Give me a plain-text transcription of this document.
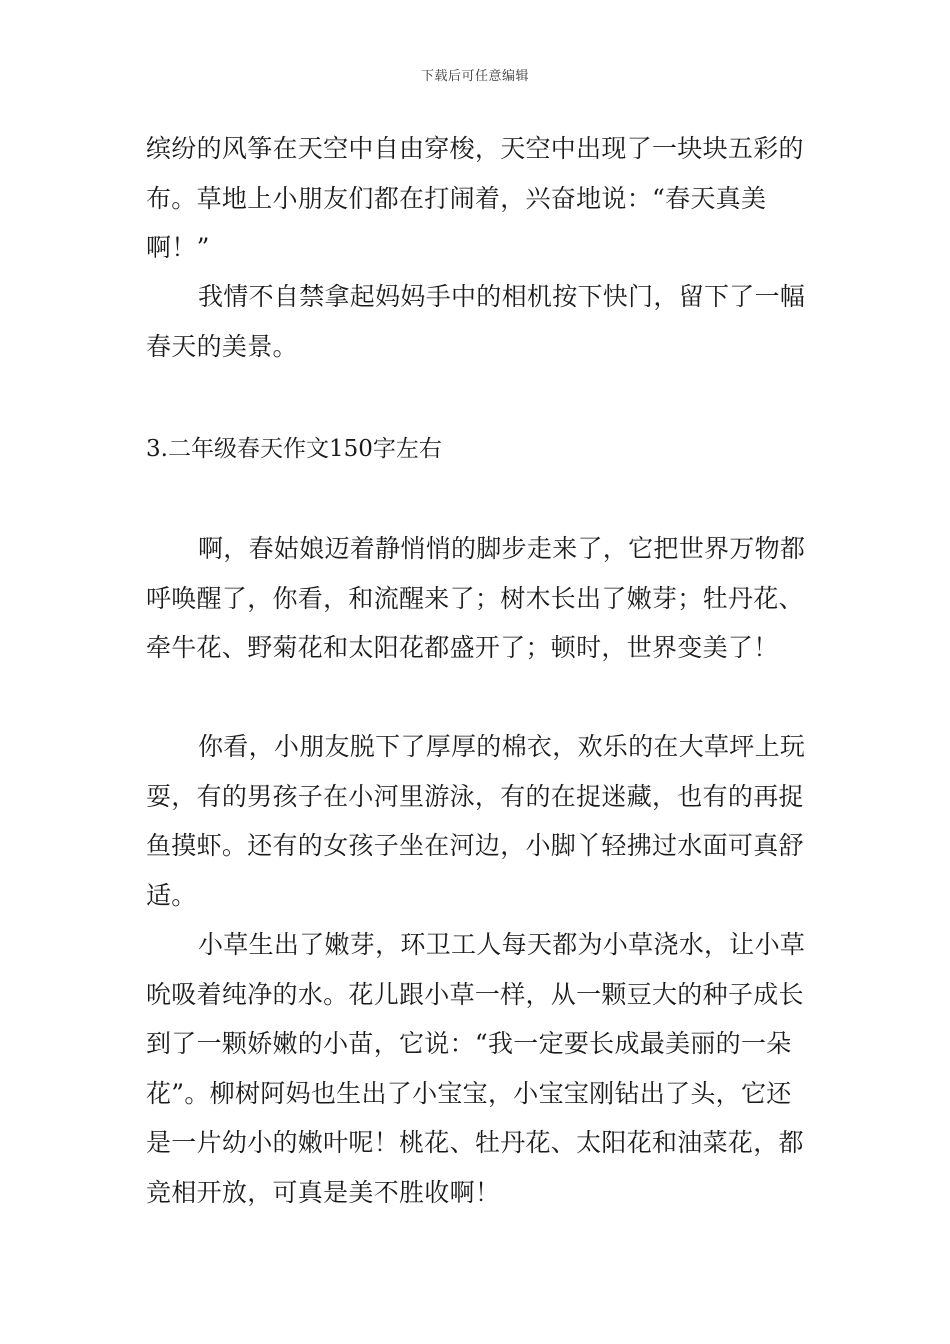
下载后可任意编辑

缤纷的风筝在天空中自由穿梭，天空中出现了一块块五彩的布。草地上小朋友们都在打闹着，兴奋地说：“春天真美啊！”

我情不自禁拿起妈妈手中的相机按下快门，留下了一幅春天的美景。

3.二年级春天作文150字左右

啊，春姑娘迈着静悄悄的脚步走来了，它把世界万物都呼唤醒了，你看，和流醒来了；树木长出了嫩芽；牡丹花、牵牛花、野菊花和太阳花都盛开了；顿时，世界变美了！

你看，小朋友脱下了厚厚的棉衣，欢乐的在大草坪上玩耍，有的男孩子在小河里游泳，有的在捉迷藏，也有的再捉鱼摸虾。还有的女孩子坐在河边，小脚丫轻拂过水面可真舒适。

小草生出了嫩芽，环卫工人每天都为小草浇水，让小草吮吸着纯净的水。花儿跟小草一样，从一颗豆大的种子成长到了一颗娇嫩的小苗，它说：“我一定要长成最美丽的一朵花”。柳树阿妈也生出了小宝宝，小宝宝刚钻出了头，它还是一片幼小的嫩叶呢！桃花、牡丹花、太阳花和油菜花，都竞相开放，可真是美不胜收啊！
